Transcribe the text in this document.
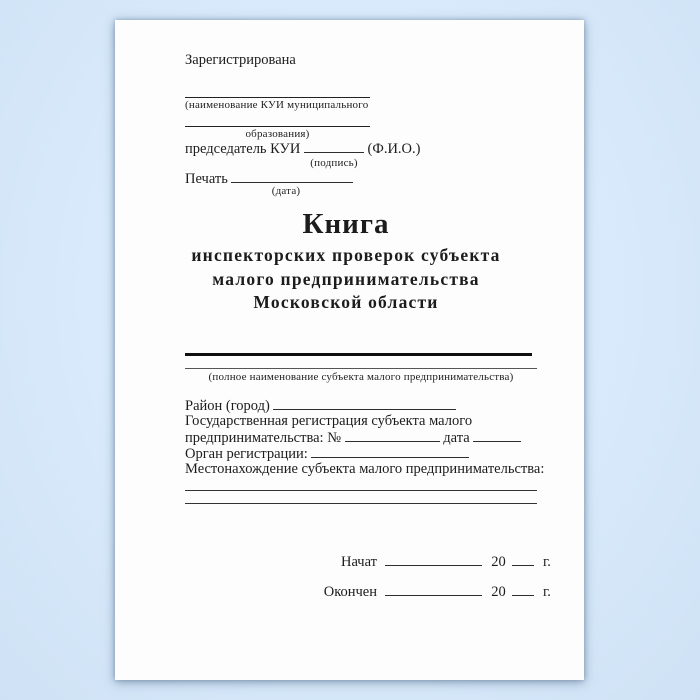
Зарегистрирована
(наименование КУИ муниципального
образования)
председатель КУИ	(Ф.И.О.)
(подпись)
Печать
(дата)
Книга
инспекторских проверок субъекта
малого предпринимательства
Московской области
(полное наименование субъекта малого предпринимательства)
Район (город)
Государственная регистрация субъекта малого
предпринимательства: №	дата
Орган регистрации:
Местонахождение субъекта малого предпринимательства:
Начат	20	г.
Окончен	20	г.
